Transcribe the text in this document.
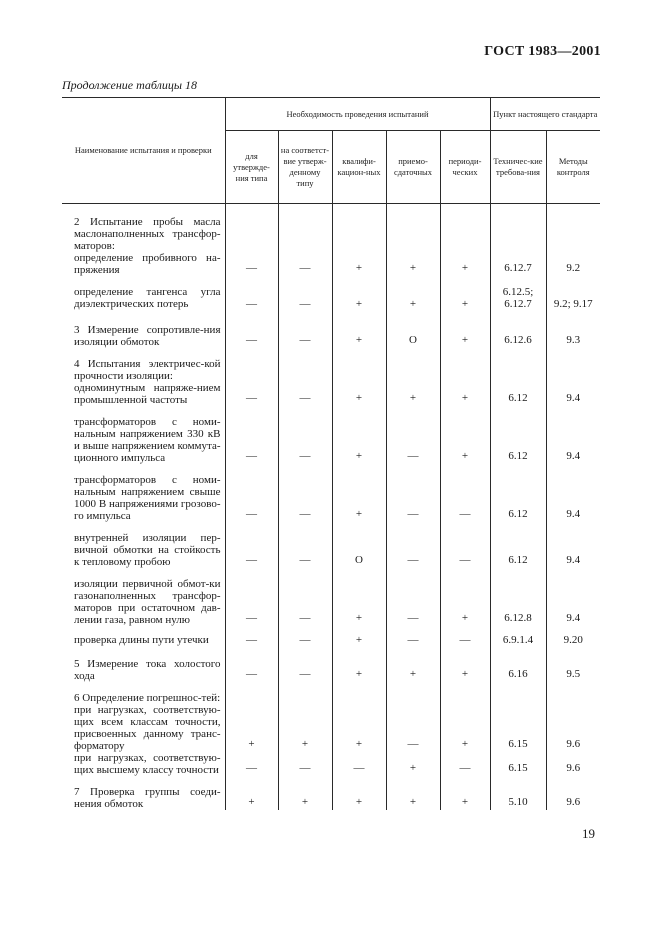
ГОСТ 1983—2001
Продолжение таблицы 18
Наименование испытания и проверки	Необходимость проведения испытаний					Пункт настоящего стандарта	
	для утвержде-ния типа	на соответст-вие утверж-денному типу	квалифи-кацион-ных	приемо-сдаточных	периоди-ческих	Техничес-кие требова-ния	Методы контроля

2 Испытание пробы масла маслонаполненных трансфор-маторов:
определение пробивного на-пряжения	—	—	+	+	+	6.12.7	9.2

определение тангенса угла диэлектрических потерь	—	—	+	+	+	6.12.5; 6.12.7	9.2; 9.17

3 Измерение сопротивле-ния изоляции обмоток	—	—	+	O	+	6.12.6	9.3

4 Испытания электричес-кой прочности изоляции:
одноминутным напряже-нием промышленной частоты	—	—	+	+	+	6.12	9.4

трансформаторов с номи-нальным напряжением 330 кВ и выше напряжением коммута-ционного импульса	—	—	+	—	+	6.12	9.4

трансформаторов с номи-нальным напряжением свыше 1000 В напряжениями грозово-го импульса	—	—	+	—	—	6.12	9.4

внутренней изоляции пер-вичной обмотки на стойкость к тепловому пробою	—	—	O	—	—	6.12	9.4

изоляции первичной обмот-ки газонаполненных трансфор-маторов при остаточном дав-лении газа, равном нулю	—	—	+	—	+	6.12.8	9.4

проверка длины пути утечки	—	—	+	—	—	6.9.1.4	9.20

5 Измерение тока холостого хода	—	—	+	+	+	6.16	9.5

6 Определение погрешнос-тей:
при нагрузках, соответствую-щих всем классам точности, присвоенных данному транс-форматору	+	+	+	—	+	6.15	9.6

при нагрузках, соответствую-щих высшему классу точности	—	—	—	+	—	6.15	9.6

7 Проверка группы соеди-нения обмоток	+	+	+	+	+	5.10	9.6
19
